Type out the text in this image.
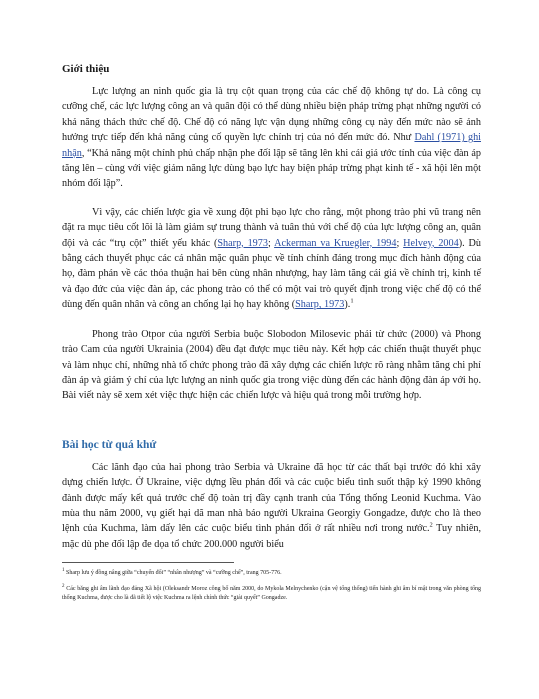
Giới thiệu

Lực lượng an ninh quốc gia là trụ cột quan trọng của các chế độ không tự do. Là công cụ cưỡng chế, các lực lượng công an và quân đội có thể dùng nhiều biện pháp trừng phạt những người có khả năng thách thức chế độ. Chế độ có năng lực vận dụng những công cụ này đến mức nào sẽ ảnh hưởng trực tiếp đến khả năng củng cố quyền lực chính trị của nó đến mức đó. Như Dahl (1971) ghi nhận, “Khả năng một chính phủ chấp nhận phe đối lập sẽ tăng lên khi cái giá ước tính của việc đàn áp tăng lên – cùng với việc giảm năng lực dùng bạo lực hay biện pháp trừng phạt kinh tế - xã hội lên một nhóm đối lập”.

Vì vậy, các chiến lược gia về xung đột phi bạo lực cho rằng, một phong trào phi vũ trang nên đặt ra mục tiêu cốt lõi là làm giảm sự trung thành và tuân thủ với chế độ của lực lượng công an, quân đội và các “trụ cột” thiết yếu khác (Sharp, 1973; Ackerman va Kruegler, 1994; Helvey, 2004). Dù bằng cách thuyết phục các cá nhân mặc quân phục về tính chính đáng trong mục đích hành động của họ, đàm phán về các thỏa thuận hai bên cùng nhân nhượng, hay làm tăng cái giá về chính trị, kinh tế và đạo đức của việc đàn áp, các phong trào có thể có một vai trò quyết định trong việc chế độ có thể dùng đến quân nhân và công an chống lại họ hay không (Sharp, 1973).$^1$

Phong trào Otpor của người Serbia buộc Slobodon Milosevic phải từ chức (2000) và Phong trào Cam của người Ukrainia (2004) đều đạt được mục tiêu này. Kết hợp các chiến thuật thuyết phục và làm nhục chí, những nhà tổ chức phong trào đã xây dựng các chiến lược rõ ràng nhằm tăng chi phí đàn áp và giảm ý chí của lực lượng an ninh quốc gia trong việc dùng đến các hành động đàn áp với họ. Bài viết này sẽ xem xét việc thực hiện các chiến lược và hiệu quả trong mỗi trường hợp.

Bài học từ quá khứ

Các lãnh đạo của hai phong trào Serbia và Ukraine đã học từ các thất bại trước đó khi xây dựng chiến lược. Ở Ukraine, việc dựng lều phản đối và các cuộc biểu tình suốt thập kỷ 1990 không đành được mấy kết quả trước chế độ toàn trị đầy cạnh tranh của Tổng thống Leonid Kuchma. Vào mùa thu năm 2000, vụ giết hại dã man nhà báo người Ukraina Georgiy Gongadze, được cho là theo lệnh của Kuchma, làm dấy lên các cuộc biểu tình phản đối ở rất nhiều nơi trong nước.$^2$ Tuy nhiên, mặc dù phe đối lập đe dọa tổ chức 200.000 người biểu

$^1$ Sharp lưu ý đồng nâng giữa “chuyển đổi” “nhân nhượng” và “cưỡng chế”, trang 705-776.

$^2$ Các băng ghi âm lãnh đạo đảng Xã hội (Oleksandr Moroz công bố năm 2000, do Mykola Melnychenko (cận vệ tổng thống) tiến hành ghi âm bí mật trong văn phòng tổng thống Kuchma, được cho là đã tiết lộ việc Kuchma ra lệnh chính thức “giải quyết” Gongadze.
